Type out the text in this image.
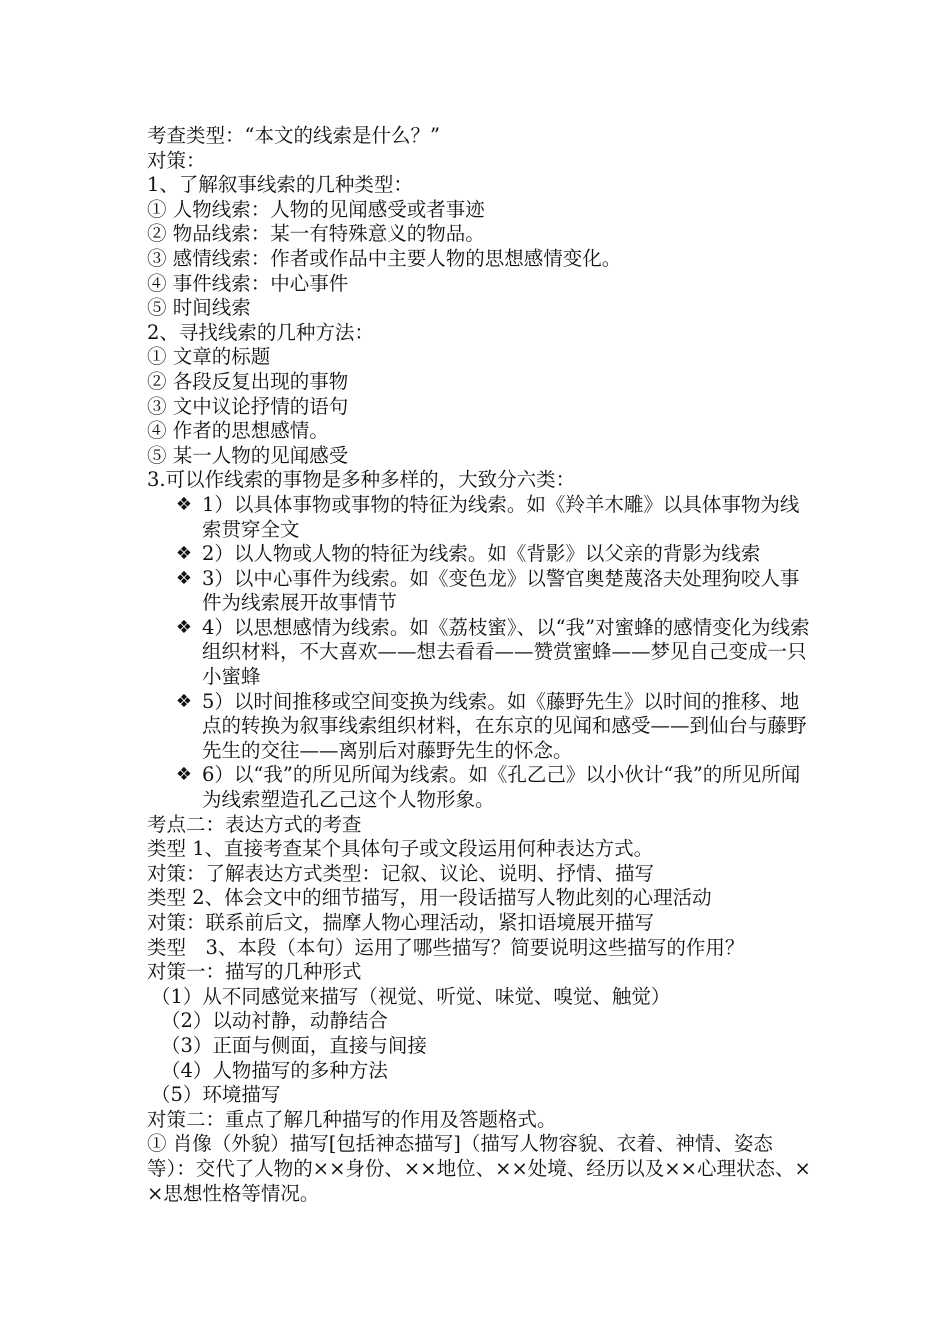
考查类型：“本文的线索是什么？”
对策：
1、了解叙事线索的几种类型：
① 人物线索：人物的见闻感受或者事迹
② 物品线索：某一有特殊意义的物品。
③ 感情线索：作者或作品中主要人物的思想感情变化。
④ 事件线索：中心事件
⑤ 时间线索
2、寻找线索的几种方法：
① 文章的标题
② 各段反复出现的事物
③ 文中议论抒情的语句
④ 作者的思想感情。
⑤ 某一人物的见闻感受
3.可以作线索的事物是多种多样的，大致分六类：
❖ 1）以具体事物或事物的特征为线索。如《羚羊木雕》以具体事物为线索贯穿全文
❖ 2）以人物或人物的特征为线索。如《背影》以父亲的背影为线索
❖ 3）以中心事件为线索。如《变色龙》以警官奥楚蔑洛夫处理狗咬人事件为线索展开故事情节
❖ 4）以思想感情为线索。如《荔枝蜜》、以“我”对蜜蜂的感情变化为线索组织材料，不大喜欢——想去看看——赞赏蜜蜂——梦见自己变成一只小蜜蜂
❖ 5）以时间推移或空间变换为线索。如《藤野先生》以时间的推移、地点的转换为叙事线索组织材料，在东京的见闻和感受——到仙台与藤野先生的交往——离别后对藤野先生的怀念。
❖ 6）以“我”的所见所闻为线索。如《孔乙己》以小伙计“我”的所见所闻为线索塑造孔乙己这个人物形象。
考点二：表达方式的考查
类型 1、直接考查某个具体句子或文段运用何种表达方式。
对策：了解表达方式类型：记叙、议论、说明、抒情、描写
类型 2、体会文中的细节描写，用一段话描写人物此刻的心理活动
对策：联系前后文，揣摩人物心理活动，紧扣语境展开描写
类型　3、本段（本句）运用了哪些描写？简要说明这些描写的作用？
对策一：描写的几种形式
（1）从不同感觉来描写（视觉、听觉、味觉、嗅觉、触觉）
（2）以动衬静，动静结合
（3）正面与侧面，直接与间接
（4）人物描写的多种方法
（5）环境描写
对策二：重点了解几种描写的作用及答题格式。
① 肖像（外貌）描写[包括神态描写]（描写人物容貌、衣着、神情、姿态
等）：交代了人物的××身份、××地位、××处境、经历以及××心理状态、×
×思想性格等情况。
